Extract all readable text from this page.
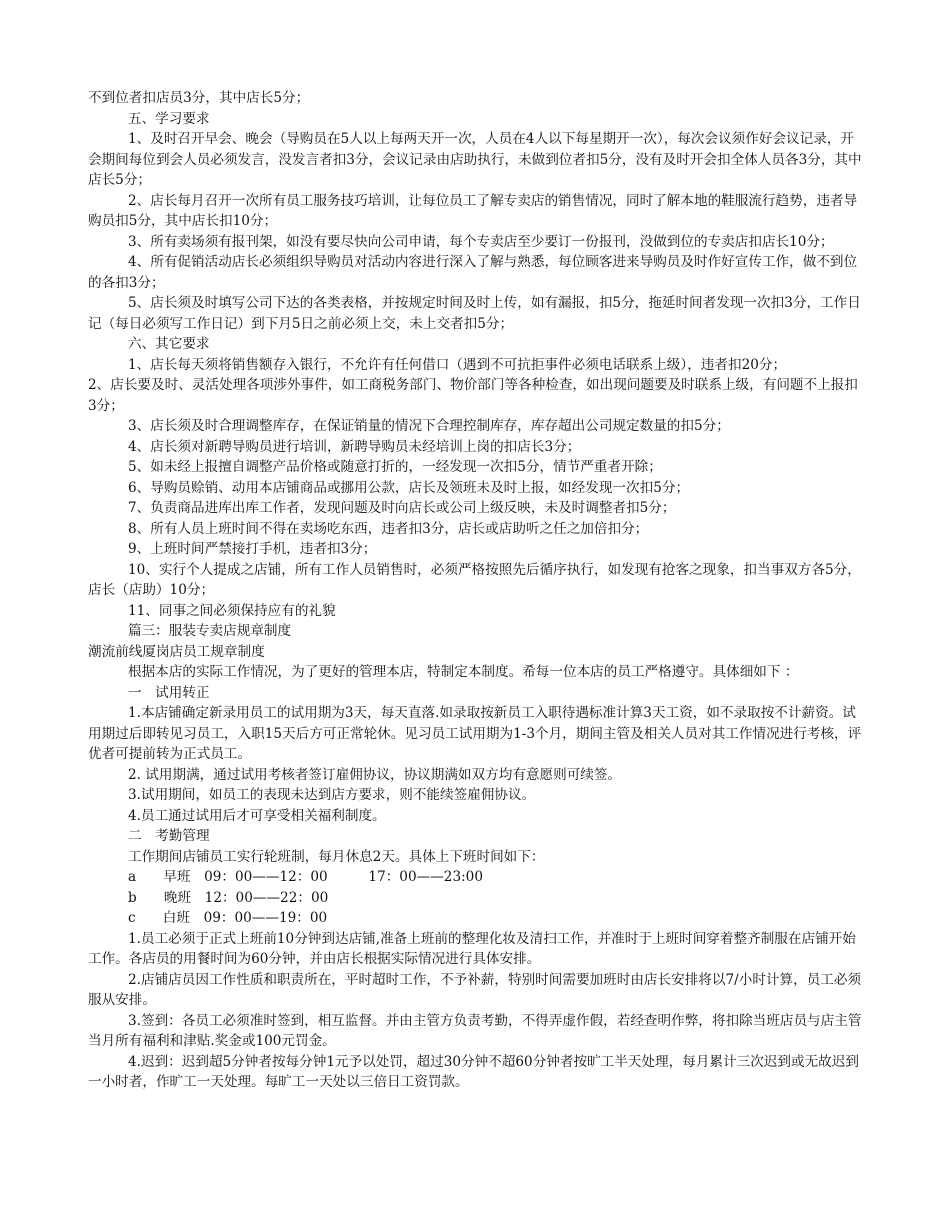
不到位者扣店员3分，其中店长5分；

五、学习要求

1、及时召开早会、晚会（导购员在5人以上每两天开一次，人员在4人以下每星期开一次），每次会议须作好会议记录，开会期间每位到会人员必须发言，没发言者扣3分，会议记录由店助执行，未做到位者扣5分，没有及时开会扣全体人员各3分，其中店长5分；

2、店长每月召开一次所有员工服务技巧培训，让每位员工了解专卖店的销售情况，同时了解本地的鞋服流行趋势，违者导购员扣5分，其中店长扣10分；

3、所有卖场须有报刊架，如没有要尽快向公司申请，每个专卖店至少要订一份报刊，没做到位的专卖店扣店长10分；

4、所有促销活动店长必须组织导购员对活动内容进行深入了解与熟悉，每位顾客进来导购员及时作好宣传工作，做不到位的各扣3分；

5、店长须及时填写公司下达的各类表格，并按规定时间及时上传，如有漏报，扣5分，拖延时间者发现一次扣3分，工作日记（每日必须写工作日记）到下月5日之前必须上交，未上交者扣5分；

六、其它要求

1、店长每天须将销售额存入银行，不允许有任何借口（遇到不可抗拒事件必须电话联系上级），违者扣20分；

2、店长要及时、灵活处理各项涉外事件，如工商税务部门、物价部门等各种检查，如出现问题要及时联系上级，有问题不上报扣3分；

3、店长须及时合理调整库存，在保证销量的情况下合理控制库存，库存超出公司规定数量的扣5分；

4、店长须对新聘导购员进行培训，新聘导购员未经培训上岗的扣店长3分；

5、如未经上报擅自调整产品价格或随意打折的，一经发现一次扣5分，情节严重者开除；

6、导购员赊销、动用本店铺商品或挪用公款，店长及领班未及时上报，如经发现一次扣5分；

7、负责商品进库出库工作者，发现问题及时向店长或公司上级反映，未及时调整者扣5分；

8、所有人员上班时间不得在卖场吃东西，违者扣3分，店长或店助听之任之加倍扣分；

9、上班时间严禁接打手机，违者扣3分；

10、实行个人提成之店铺，所有工作人员销售时，必须严格按照先后循序执行，如发现有抢客之现象，扣当事双方各5分，店长（店助）10分；

11、同事之间必须保持应有的礼貌

篇三：服装专卖店规章制度

潮流前线厦岗店员工规章制度

根据本店的实际工作情况，为了更好的管理本店，特制定本制度。希每一位本店的员工严格遵守。具体细如下 ：

一　试用转正

1.本店铺确定新录用员工的试用期为3天，每天直落.如录取按新员工入职待遇标准计算3天工资，如不录取按不计薪资。试用期过后即转见习员工，入职15天后方可正常轮休。见习员工试用期为1-3个月，期间主管及相关人员对其工作情况进行考核，评优者可提前转为正式员工。

2. 试用期满，通过试用考核者签订雇佣协议，协议期满如双方均有意愿则可续签。

3.试用期间，如员工的表现未达到店方要求，则不能续签雇佣协议。

4.员工通过试用后才可享受相关福利制度。

二　考勤管理

工作期间店铺员工实行轮班制，每月休息2天。具体上下班时间如下：

a　　早班　09：00——12：00　　　17：00——23:00

b　　晚班　12：00——22：00

c　　白班　09：00——19：00

1.员工必须于正式上班前10分钟到达店铺,准备上班前的整理化妆及清扫工作，并准时于上班时间穿着整齐制服在店铺开始工作。各店员的用餐时间为60分钟，并由店长根据实际情况进行具体安排。

2.店铺店员因工作性质和职责所在，平时超时工作，不予补薪，特别时间需要加班时由店长安排将以7/小时计算，员工必须服从安排。

3.签到：各员工必须准时签到，相互监督。并由主管方负责考勤，不得弄虚作假，若经查明作弊，将扣除当班店员与店主管当月所有福利和津贴.奖金或100元罚金。

4.迟到：迟到超5分钟者按每分钟1元予以处罚，超过30分钟不超60分钟者按旷工半天处理，每月累计三次迟到或无故迟到一小时者，作旷工一天处理。每旷工一天处以三倍日工资罚款。
